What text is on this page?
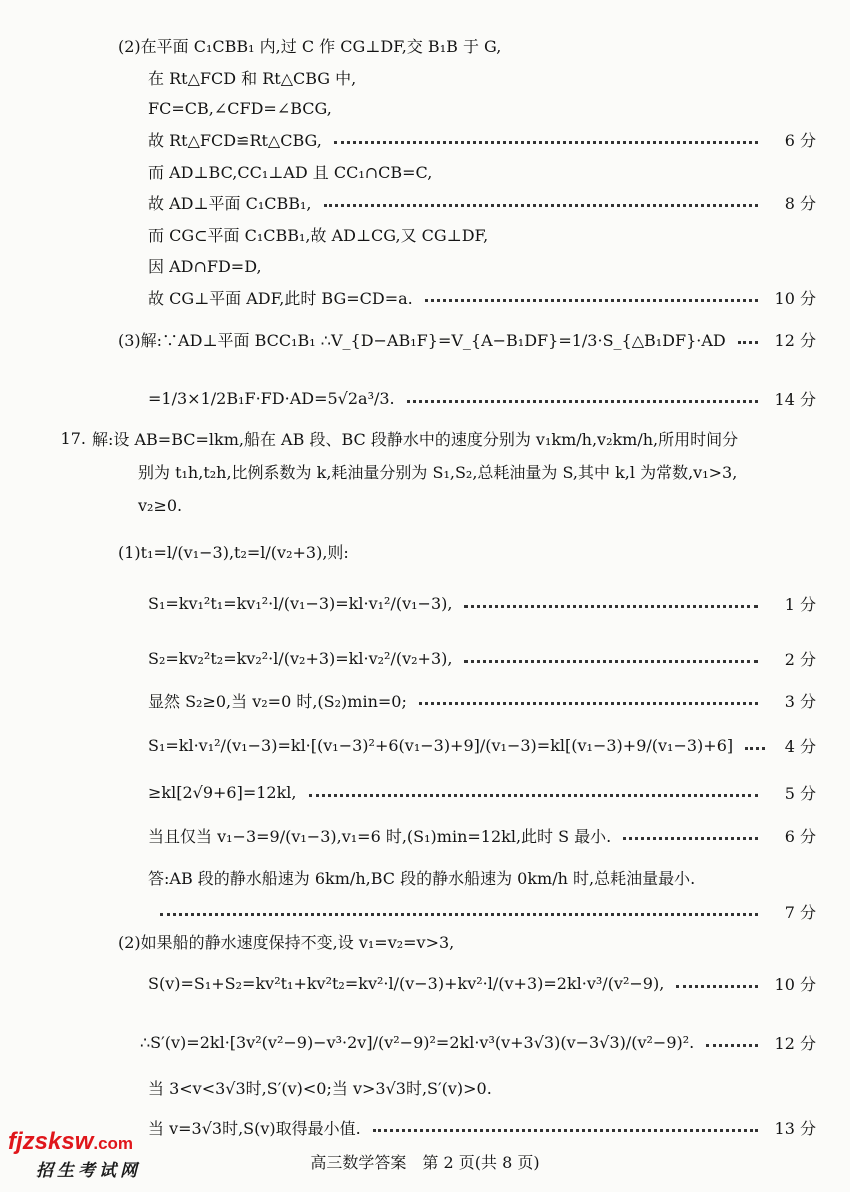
(2)在平面 C₁CBB₁ 内,过 C 作 CG⊥DF,交 B₁B 于 G,
在 Rt△FCD 和 Rt△CBG 中,
FC=CB,∠CFD=∠BCG,
故 Rt△FCD≌Rt△CBG,	6 分
而 AD⊥BC,CC₁⊥AD 且 CC₁∩CB=C,
故 AD⊥平面 C₁CBB₁,	8 分
而 CG⊂平面 C₁CBB₁,故 AD⊥CG,又 CG⊥DF,
因 AD∩FD=D,
故 CG⊥平面 ADF,此时 BG=CD=a.	10 分
(3)解:∵AD⊥平面 BCC₁B₁ ∴V_{D−AB₁F}=V_{A−B₁DF}=1/3·S_{△B₁DF}·AD	12 分
=1/3×1/2B₁F·FD·AD=5√2a³/3.	14 分
17. 解:设 AB=BC=lkm,船在 AB 段、BC 段静水中的速度分别为 v₁km/h,v₂km/h,所用时间分
别为 t₁h,t₂h,比例系数为 k,耗油量分别为 S₁,S₂,总耗油量为 S,其中 k,l 为常数,v₁>3,
v₂≥0.
(1)t₁=l/(v₁−3),t₂=l/(v₂+3),则:
S₁=kv₁²t₁=kv₁²·l/(v₁−3)=kl·v₁²/(v₁−3),	1 分
S₂=kv₂²t₂=kv₂²·l/(v₂+3)=kl·v₂²/(v₂+3),	2 分
显然 S₂≥0,当 v₂=0 时,(S₂)min=0;	3 分
S₁=kl·v₁²/(v₁−3)=kl·[(v₁−3)²+6(v₁−3)+9]/(v₁−3)=kl[(v₁−3)+9/(v₁−3)+6]	4 分
≥kl[2√9+6]=12kl,	5 分
当且仅当 v₁−3=9/(v₁−3),v₁=6 时,(S₁)min=12kl,此时 S 最小.	6 分
答:AB 段的静水船速为 6km/h,BC 段的静水船速为 0km/h 时,总耗油量最小.
7 分
(2)如果船的静水速度保持不变,设 v₁=v₂=v>3,
S(v)=S₁+S₂=kv²t₁+kv²t₂=kv²·l/(v−3)+kv²·l/(v+3)=2kl·v³/(v²−9),	10 分
∴S′(v)=2kl·[3v²(v²−9)−v³·2v]/(v²−9)²=2kl·v³(v+3√3)(v−3√3)/(v²−9)².	12 分
当 3<v<3√3时,S′(v)<0;当 v>3√3时,S′(v)>0.
当 v=3√3时,S(v)取得最小值.	13 分
高三数学答案　第 2 页(共 8 页)
fjzsksw.com
招生考试网
